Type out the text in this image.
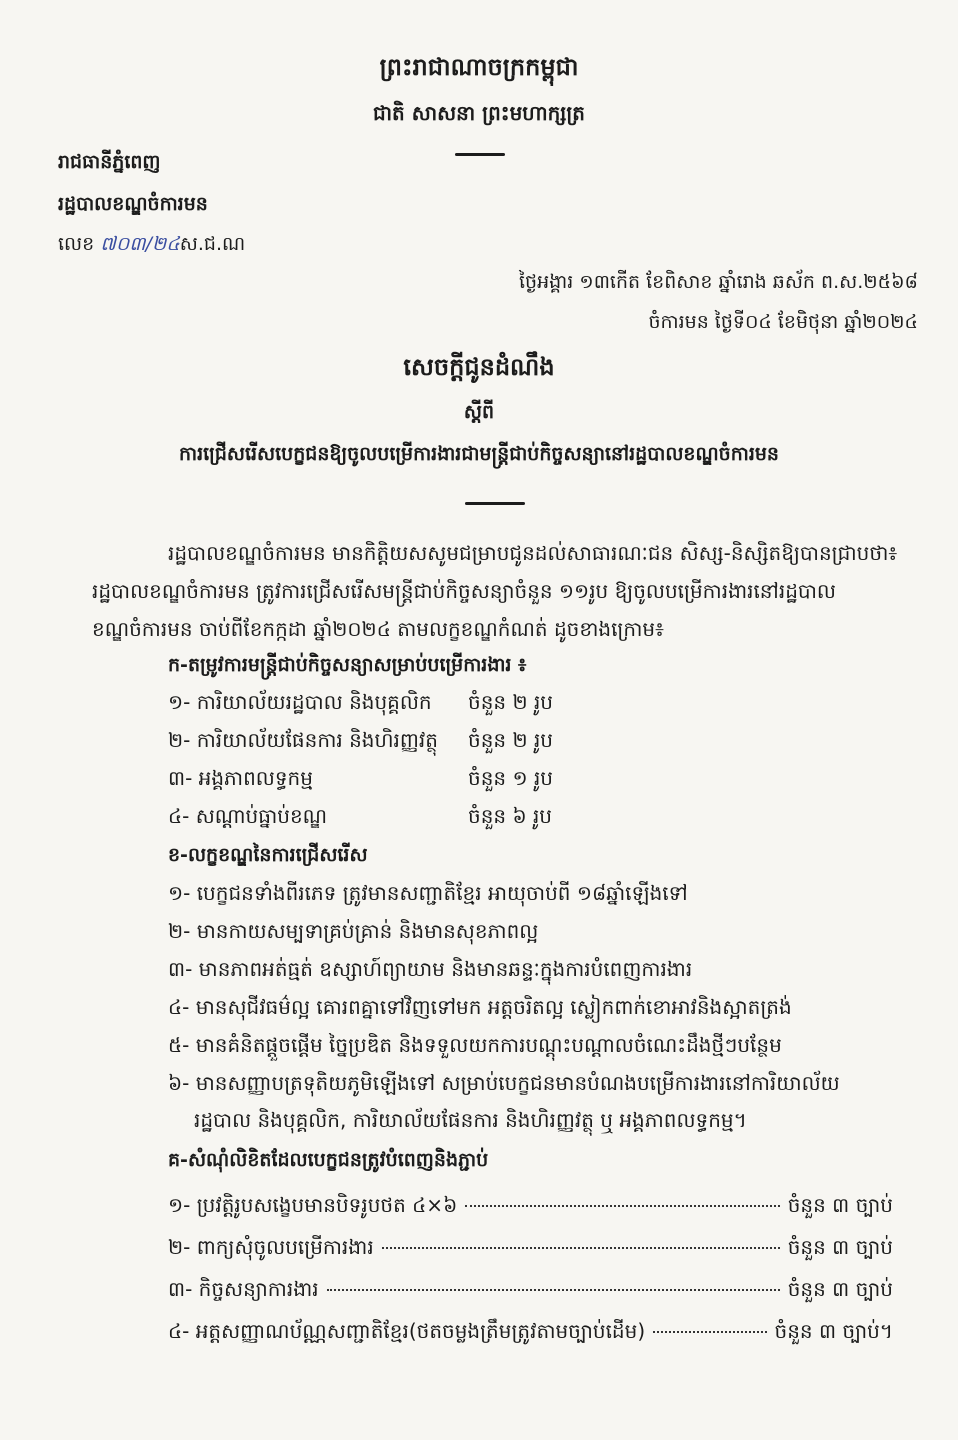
ព្រះរាជាណាចក្រកម្ពុជា
ជាតិ សាសនា ព្រះមហាក្សត្រ
រាជធានីភ្នំពេញ
រដ្ឋបាលខណ្ឌចំការមន
លេខ ៧០៣/២៤ស.ជ.ណ
ថ្ងៃអង្គារ ១៣កើត ខែពិសាខ ឆ្នាំរោង ឆស័ក ព.ស.២៥៦៨
ចំការមន ថ្ងៃទី០៤ ខែមិថុនា ឆ្នាំ២០២៤
សេចក្តីជូនដំណឹង
ស្តីពី
ការជ្រើសរើសបេក្ខជនឱ្យចូលបម្រើការងារជាមន្ត្រីជាប់កិច្ចសន្យានៅរដ្ឋបាលខណ្ឌចំការមន
រដ្ឋបាលខណ្ឌចំការមន មានកិត្តិយសសូមជម្រាបជូនដល់សាធារណៈជន សិស្ស-និស្សិតឱ្យបានជ្រាបថា៖
រដ្ឋបាលខណ្ឌចំការមន ត្រូវការជ្រើសរើសមន្ត្រីជាប់កិច្ចសន្យាចំនួន ១១រូប ឱ្យចូលបម្រើការងារនៅរដ្ឋបាល
ខណ្ឌចំការមន ចាប់ពីខែកក្កដា ឆ្នាំ២០២៤ តាមលក្ខខណ្ឌកំណត់ ដូចខាងក្រោម៖
ក-តម្រូវការមន្ត្រីជាប់កិច្ចសន្យាសម្រាប់បម្រើការងារ ៖
១- ការិយាល័យរដ្ឋបាល និងបុគ្គលិក ចំនួន ២ រូប
២- ការិយាល័យផែនការ និងហិរញ្ញវត្ថុ ចំនួន ២ រូប
៣- អង្គភាពលទ្ធកម្ម	ចំនួន ១ រូប
៤- សណ្តាប់ធ្នាប់ខណ្ឌ	ចំនួន ៦ រូប
ខ-លក្ខខណ្ឌនៃការជ្រើសរើស
១- បេក្ខជនទាំងពីរភេទ ត្រូវមានសញ្ជាតិខ្មែរ អាយុចាប់ពី ១៨ឆ្នាំឡើងទៅ
២- មានកាយសម្បទាគ្រប់គ្រាន់ និងមានសុខភាពល្អ
៣- មានភាពអត់ធ្មត់ ឧស្សាហ៍ព្យាយាម និងមានឆន្ទៈក្នុងការបំពេញការងារ
៤- មានសុជីវធម៌ល្អ គោរពគ្នាទៅវិញទៅមក អត្តចរិតល្អ ស្លៀកពាក់ខោអាវនិងស្អាតត្រង់
៥- មានគំនិតផ្តួចផ្តើម ច្នៃប្រឌិត និងទទួលយកការបណ្តុះបណ្តាលចំណេះដឹងថ្មីៗបន្ថែម
៦- មានសញ្ញាបត្រទុតិយភូមិឡើងទៅ សម្រាប់បេក្ខជនមានបំណងបម្រើការងារនៅការិយាល័យ
រដ្ឋបាល និងបុគ្គលិក, ការិយាល័យផែនការ និងហិរញ្ញវត្ថុ ឬ អង្គភាពលទ្ធកម្ម។
គ-សំណុំលិខិតដែលបេក្ខជនត្រូវបំពេញនិងភ្ជាប់
១- ប្រវត្តិរូបសង្ខេបមានបិទរូបថត ៤×៦	ចំនួន ៣ ច្បាប់
២- ពាក្យសុំចូលបម្រើការងារ	ចំនួន ៣ ច្បាប់
៣- កិច្ចសន្យាការងារ	ចំនួន ៣ ច្បាប់
៤- អត្តសញ្ញាណប័ណ្ណសញ្ជាតិខ្មែរ(ថតចម្លងត្រឹមត្រូវតាមច្បាប់ដើម)	ចំនួន ៣ ច្បាប់។
